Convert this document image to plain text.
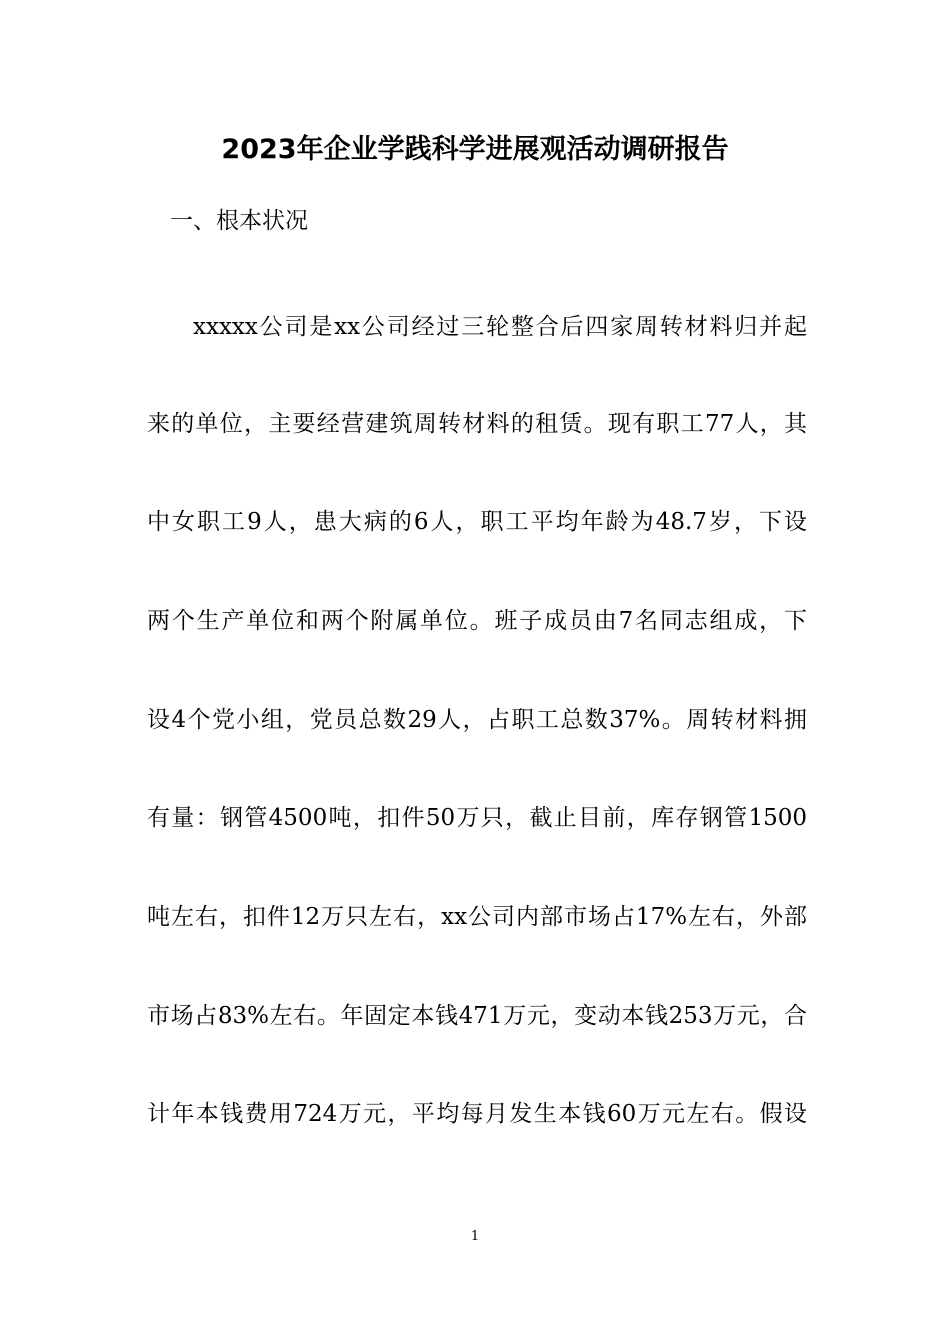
2023年企业学践科学进展观活动调研报告
一、根本状况
xxxxx公司是xx公司经过三轮整合后四家周转材料归并起
来的单位，主要经营建筑周转材料的租赁。现有职工77人，其
中女职工9人，患大病的6人，职工平均年龄为48.7岁，下设
两个生产单位和两个附属单位。班子成员由7名同志组成，下
设4个党小组，党员总数29人，占职工总数37%。周转材料拥
有量：钢管4500吨，扣件50万只，截止目前，库存钢管1500
吨左右，扣件12万只左右，xx公司内部市场占17%左右，外部
市场占83%左右。年固定本钱471万元，变动本钱253万元，合
计年本钱费用724万元，平均每月发生本钱60万元左右。假设
1
